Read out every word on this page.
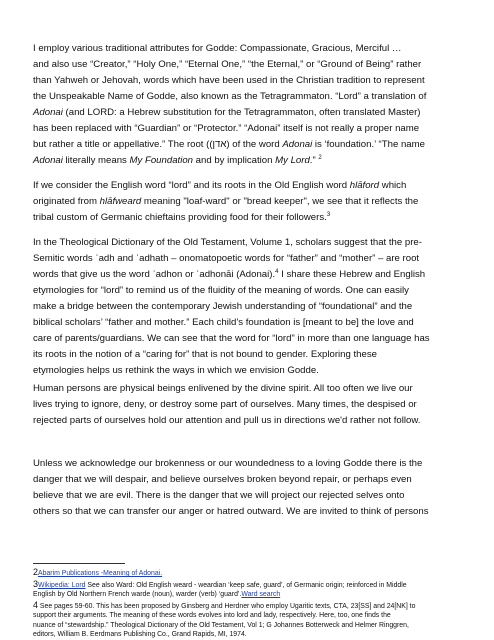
I employ various traditional attributes for Godde: Compassionate, Gracious, Merciful …
and also use “Creator,” “Holy One,” “Eternal One,” “the Eternal,” or “Ground of Being” rather
than Yahweh or Jehovah, words which have been used in the Christian tradition to represent
the Unspeakable Name of Godde, also known as the Tetragrammaton. “Lord” a translation of
Adonai (and LORD: a Hebrew substitution for the Tetragrammaton, often translated Master)
has been replaced with “Guardian” or “Protector.” “Adonai” itself is not really a proper name
but rather a title or appellative.” The root ((אדן) of the word Adonai is ‘foundation.’ “The name
Adonai literally means My Foundation and by implication My Lord.” $^2$
If we consider the English word “lord” and its roots in the Old English word hlāford which
originated from hlāfweard meaning "loaf-ward" or "bread keeper", we see that it reflects the
tribal custom of Germanic chieftains providing food for their followers.$^3$
In the Theological Dictionary of the Old Testament, Volume 1, scholars suggest that the pre-
Semitic words ʾadh and ʾadhath – onomatopoetic words for “father” and “mother” – are root
words that give us the word ʾadhon or ʾadhonāi (Adonai).$^4$ I share these Hebrew and English
etymologies for “lord” to remind us of the fluidity of the meaning of words. One can easily
make a bridge between the contemporary Jewish understanding of “foundational” and the
biblical scholars’ “father and mother.” Each child’s foundation is [meant to be] the love and
care of parents/guardians. We can see that the word for “lord” in more than one language has
its roots in the notion of a “caring for” that is not bound to gender. Exploring these
etymologies helps us rethink the ways in which we envision Godde.
Human persons are physical beings enlivened by the divine spirit. All too often we live our
lives trying to ignore, deny, or destroy some part of ourselves. Many times, the despised or
rejected parts of ourselves hold our attention and pull us in directions we'd rather not follow.
Unless we acknowledge our brokenness or our woundedness to a loving Godde there is the
danger that we will despair, and believe ourselves broken beyond repair, or perhaps even
believe that we are evil. There is the danger that we will project our rejected selves onto
others so that we can transfer our anger or hatred outward. We are invited to think of persons
2Abarim Publications -Meaning of Adonai.
3Wikipedia: Lord See also Ward: Old English weard - weardian ‘keep safe, guard’, of Germanic origin; reinforced in Middle
English by Old Northern French warde (noun), warder (verb) ‘guard’.Ward search
4 See pages 59-60. This has been proposed by Ginsberg and Herdner who employ Ugaritic texts, CTA, 23[SS] and 24[NK] to
support their arguments. The meaning of these words evolves into lord and lady, respectively. Here, too, one finds the
nuance of “stewardship.” Theological Dictionary of the Old Testament, Vol 1; G Johannes Botterweck and Helmer Ringgren,
editors, William B. Eerdmans Publishing Co., Grand Rapids, MI, 1974.
